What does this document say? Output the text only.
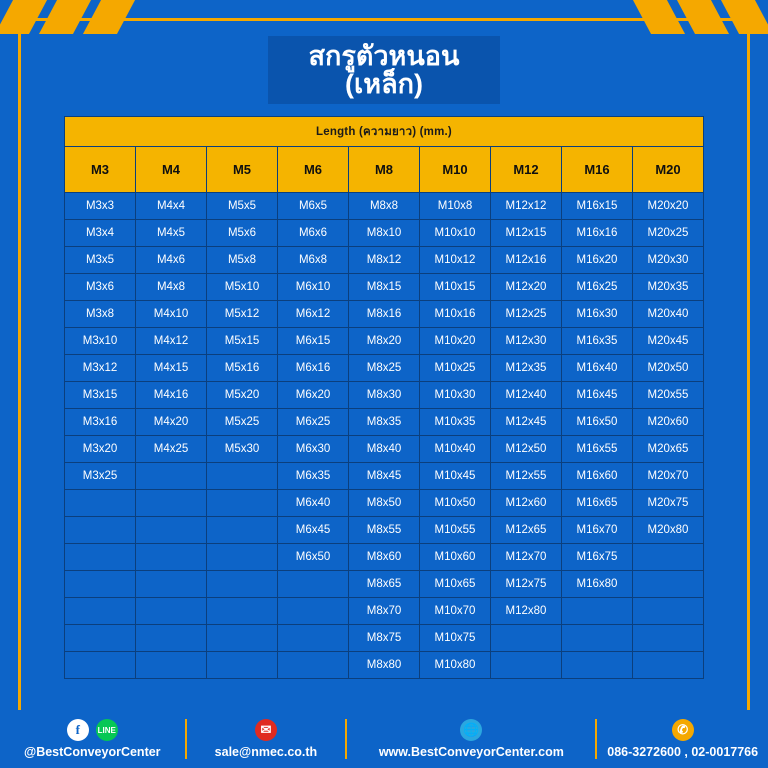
สกรูตัวหนอน
(เหล็ก)
Length (ความยาว) (mm.)								
M3	M4	M5	M6	M8	M10	M12	M16	M20
M3x3	M4x4	M5x5	M6x5	M8x8	M10x8	M12x12	M16x15	M20x20
M3x4	M4x5	M5x6	M6x6	M8x10	M10x10	M12x15	M16x16	M20x25
M3x5	M4x6	M5x8	M6x8	M8x12	M10x12	M12x16	M16x20	M20x30
M3x6	M4x8	M5x10	M6x10	M8x15	M10x15	M12x20	M16x25	M20x35
M3x8	M4x10	M5x12	M6x12	M8x16	M10x16	M12x25	M16x30	M20x40
M3x10	M4x12	M5x15	M6x15	M8x20	M10x20	M12x30	M16x35	M20x45
M3x12	M4x15	M5x16	M6x16	M8x25	M10x25	M12x35	M16x40	M20x50
M3x15	M4x16	M5x20	M6x20	M8x30	M10x30	M12x40	M16x45	M20x55
M3x16	M4x20	M5x25	M6x25	M8x35	M10x35	M12x45	M16x50	M20x60
M3x20	M4x25	M5x30	M6x30	M8x40	M10x40	M12x50	M16x55	M20x65
M3x25			M6x35	M8x45	M10x45	M12x55	M16x60	M20x70
			M6x40	M8x50	M10x50	M12x60	M16x65	M20x75
			M6x45	M8x55	M10x55	M12x65	M16x70	M20x80
			M6x50	M8x60	M10x60	M12x70	M16x75	
				M8x65	M10x65	M12x75	M16x80	
				M8x70	M10x70	M12x80		
				M8x75	M10x75			
				M8x80	M10x80			
f	LINE
@BestConveyorCenter
✉
sale@nmec.co.th
🌐
www.BestConveyorCenter.com
✆
086-3272600 , 02-0017766
